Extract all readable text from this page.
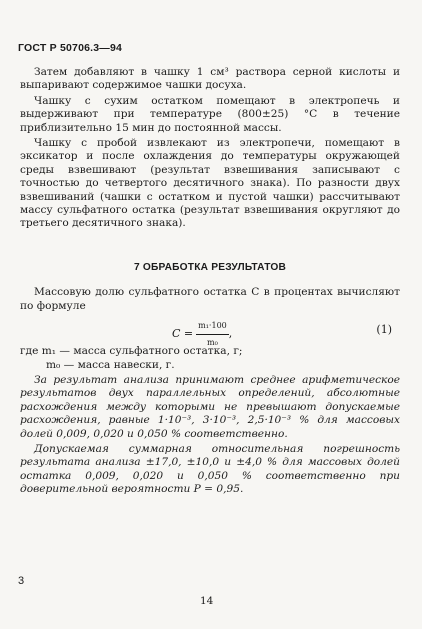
ГОСТ Р 50706.3—94

Затем добавляют в чашку 1 см³ раствора серной кислоты и выпаривают содержимое чашки досуха.

Чашку с сухим остатком помещают в электропечь и выдерживают при температуре (800±25) °С в течение приблизительно 15 мин до постоянной массы.

Чашку с пробой извлекают из электропечи, помещают в эксикатор и после охлаждения до температуры окружающей среды взвешивают (результат взвешивания записывают с точностью до четвертого десятичного знака). По разности двух взвешиваний (чашки с остатком и пустой чашки) рассчитывают массу сульфатного остатка (результат взвешивания округляют до третьего десятичного знака).

7 ОБРАБОТКА РЕЗУЛЬТАТОВ

Массовую долю сульфатного остатка C в процентах вычисляют по формуле

$C = \frac{\text{m₁·100}}{\text{m₀}}$ ,	(1)

где m₁ — масса сульфатного остатка, г;

m₀ — масса навески, г.

За результат анализа принимают среднее арифметическое результатов двух параллельных определений, абсолютные расхождения между которыми не превышают допускаемые расхождения, равные 1·10⁻³, 3·10⁻³, 2,5·10⁻³ % для массовых долей 0,009, 0,020 и 0,050 % соответственно.

Допускаемая суммарная относительная погрешность результата анализа ±17,0, ±10,0 и ±4,0 % для массовых долей остатка 0,009, 0,020 и 0,050 % соответственно при доверительной вероятности P = 0,95.

3
14
